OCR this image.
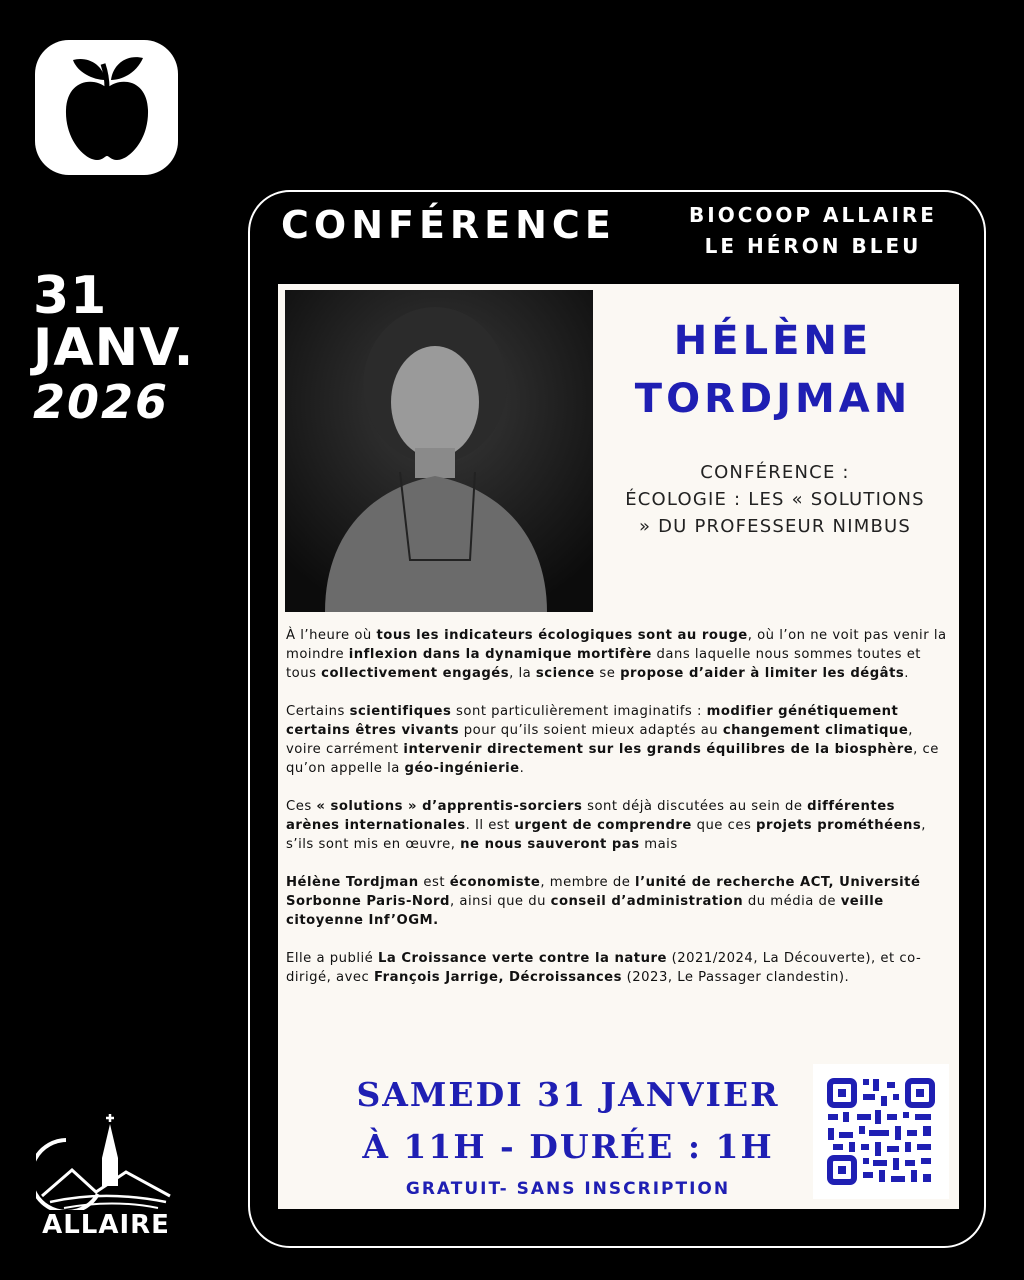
31
JANV.
2026
CONFÉRENCE	BIOCOOP ALLAIRE
LE HÉRON BLEU
HÉLÈNE
TORDJMAN
CONFÉRENCE :
ÉCOLOGIE : LES « SOLUTIONS
» DU PROFESSEUR NIMBUS

À l’heure où tous les indicateurs écologiques sont au rouge, où l’on ne voit pas venir la moindre inflexion dans la dynamique mortifère dans laquelle nous sommes toutes et tous collectivement engagés, la science se propose d’aider à limiter les dégâts.

Certains scientifiques sont particulièrement imaginatifs : modifier génétiquement certains êtres vivants pour qu’ils soient mieux adaptés au changement climatique, voire carrément intervenir directement sur les grands équilibres de la biosphère, ce qu’on appelle la géo-ingénierie.

Ces « solutions » d’apprentis-sorciers sont déjà discutées au sein de différentes arènes internationales. Il est urgent de comprendre que ces projets prométhéens, s’ils sont mis en œuvre, ne nous sauveront pas mais

Hélène Tordjman est économiste, membre de l’unité de recherche ACT, Université Sorbonne Paris-Nord, ainsi que du conseil d’administration du média de veille citoyenne Inf’OGM.

Elle a publié La Croissance verte contre la nature (2021/2024, La Découverte), et co-dirigé, avec François Jarrige, Décroissances (2023, Le Passager clandestin).

SAMEDI 31 JANVIER
À 11H - DURÉE : 1H
GRATUIT- SANS INSCRIPTION
ALLAIRE
